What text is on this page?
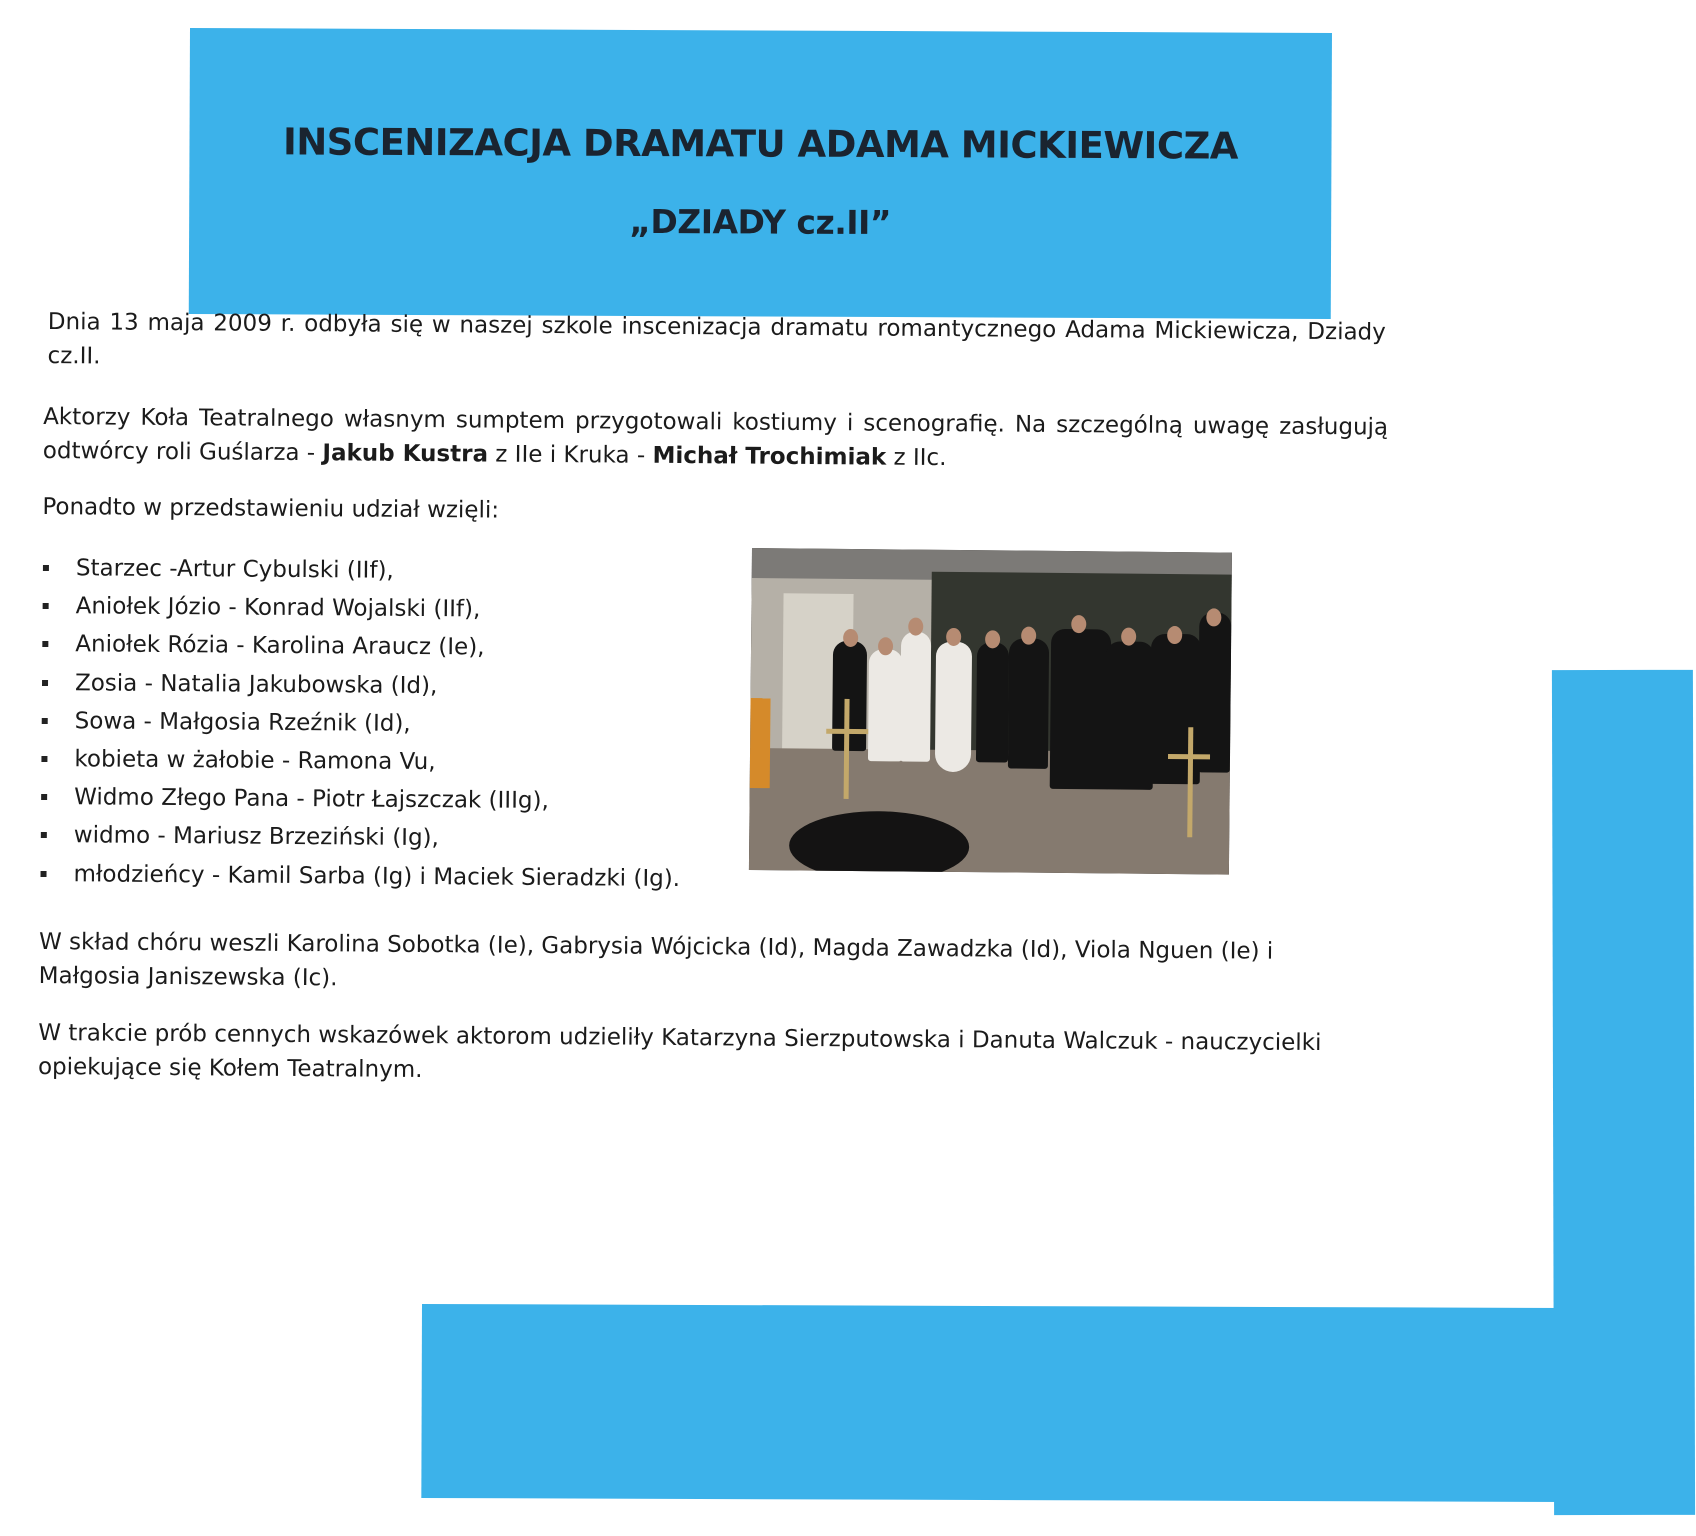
INSCENIZACJA DRAMATU ADAMA MICKIEWICZA
„DZIADY cz.II”
Dnia 13 maja 2009 r. odbyła się w naszej szkole inscenizacja dramatu romantycznego Adama Mickiewicza, Dziady cz.II.
Aktorzy Koła Teatralnego własnym sumptem przygotowali kostiumy i scenografię. Na szczególną uwagę zasługują odtwórcy roli Guślarza - Jakub Kustra z IIe i Kruka - Michał Trochimiak z IIc.
Ponadto w przedstawieniu udział wzięli:
Starzec -Artur Cybulski (IIf),
Aniołek Józio - Konrad Wojalski (IIf),
Aniołek Rózia - Karolina Araucz (Ie),
Zosia - Natalia Jakubowska (Id),
Sowa - Małgosia Rzeźnik (Id),
kobieta w żałobie - Ramona Vu,
Widmo Złego Pana - Piotr Łajszczak (IIIg),
widmo - Mariusz Brzeziński (Ig),
młodzieńcy - Kamil Sarba (Ig) i Maciek Sieradzki (Ig).
W skład chóru weszli Karolina Sobotka (Ie), Gabrysia Wójcicka (Id), Magda Zawadzka (Id), Viola Nguen (Ie) i Małgosia Janiszewska (Ic).
W trakcie prób cennych wskazówek aktorom udzieliły Katarzyna Sierzputowska i Danuta Walczuk - nauczycielki opiekujące się Kołem Teatralnym.
